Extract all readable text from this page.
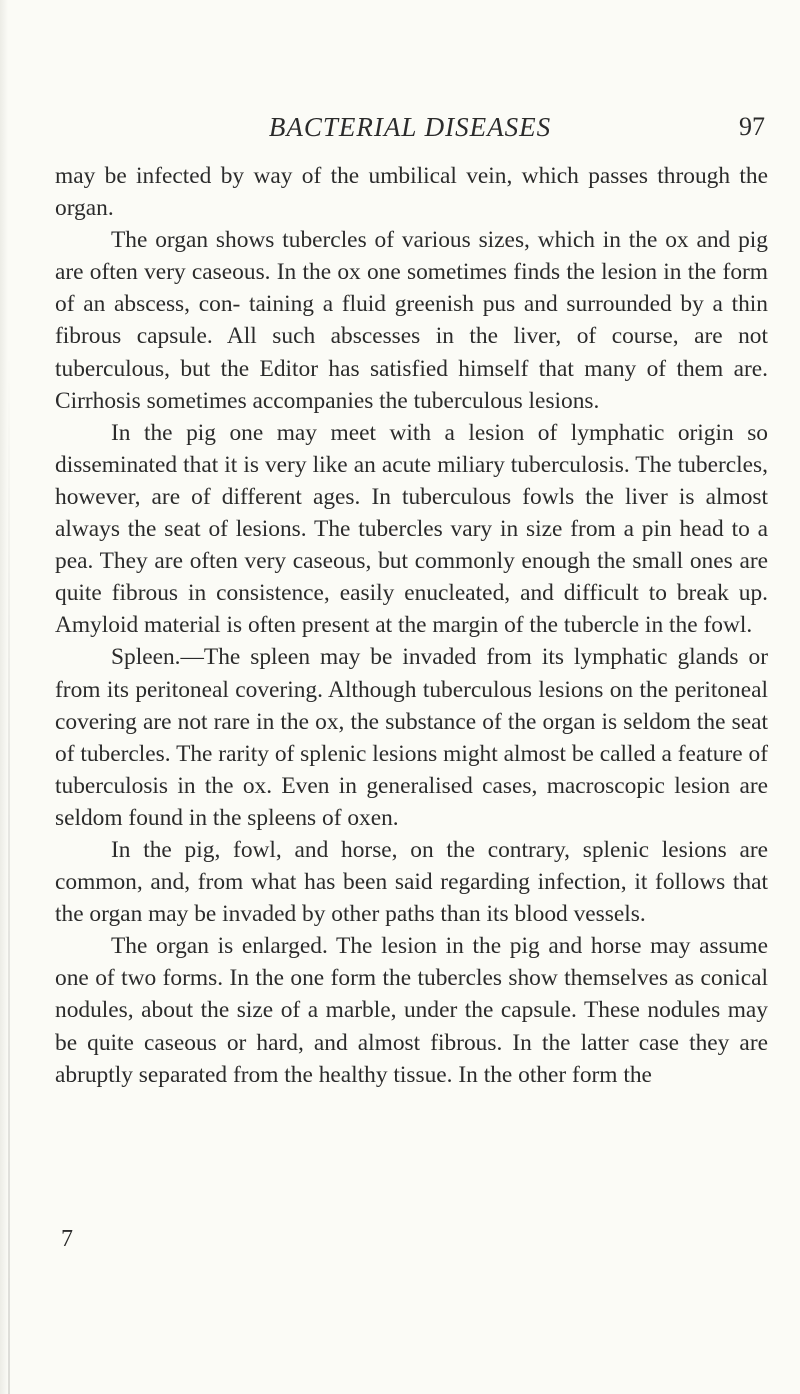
BACTERIAL DISEASES	97

may be infected by way of the umbilical vein, which passes through the organ.

The organ shows tubercles of various sizes, which in the ox and pig are often very caseous. In the ox one sometimes finds the lesion in the form of an abscess, con- taining a fluid greenish pus and surrounded by a thin fibrous capsule. All such abscesses in the liver, of course, are not tuberculous, but the Editor has satisfied himself that many of them are. Cirrhosis sometimes accompanies the tuberculous lesions.

In the pig one may meet with a lesion of lymphatic origin so disseminated that it is very like an acute miliary tuberculosis. The tubercles, however, are of different ages. In tuberculous fowls the liver is almost always the seat of lesions. The tubercles vary in size from a pin head to a pea. They are often very caseous, but commonly enough the small ones are quite fibrous in consistence, easily enucleated, and difficult to break up. Amyloid material is often present at the margin of the tubercle in the fowl.

Spleen.—The spleen may be invaded from its lymphatic glands or from its peritoneal covering. Although tuberculous lesions on the peritoneal covering are not rare in the ox, the substance of the organ is seldom the seat of tubercles. The rarity of splenic lesions might almost be called a feature of tuberculosis in the ox. Even in generalised cases, macroscopic lesion are seldom found in the spleens of oxen.

In the pig, fowl, and horse, on the contrary, splenic lesions are common, and, from what has been said regarding infection, it follows that the organ may be invaded by other paths than its blood vessels.

The organ is enlarged. The lesion in the pig and horse may assume one of two forms. In the one form the tubercles show themselves as conical nodules, about the size of a marble, under the capsule. These nodules may be quite caseous or hard, and almost fibrous. In the latter case they are abruptly separated from the healthy tissue. In the other form the

7
